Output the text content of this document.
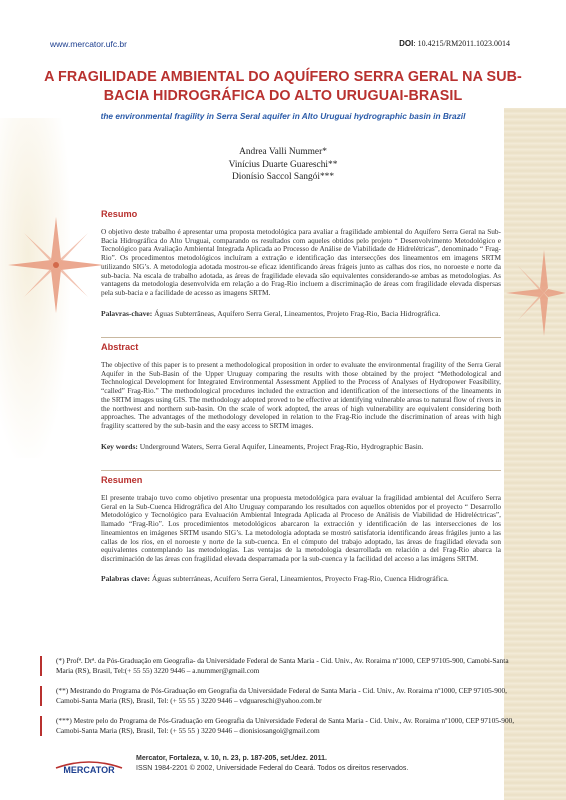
www.mercator.ufc.br	DOI: 10.4215/RM2011.1023.0014
A FRAGILIDADE AMBIENTAL DO AQUÍFERO SERRA GERAL NA SUB-BACIA HIDROGRÁFICA DO ALTO URUGUAI-BRASIL
the environmental fragility in Serra Seral aquifer in Alto Uruguai hydrographic basin in Brazil
Andrea Valli Nummer*
Vinícius Duarte Guareschi**
Dionísio Saccol Sangói***
Resumo
O objetivo deste trabalho é apresentar uma proposta metodológica para avaliar a fragilidade ambiental do Aquífero Serra Geral na Sub-Bacia Hidrográfica do Alto Uruguai, comparando os resultados com aqueles obtidos pelo projeto “ Desenvolvimento Metodológico e Tecnológico para Avaliação Ambiental Integrada Aplicada ao Processo de Análise de Viabilidade de Hidrelétricas”, denominado “ Frag-Rio”. Os procedimentos metodológicos incluíram a extração e identificação das intersecções dos lineamentos em imagens SRTM utilizando SIG’s. A metodologia adotada mostrou-se eficaz identificando áreas frágeis junto as calhas dos rios, no noroeste e norte da sub-bacia. Na escala de trabalho adotada, as áreas de fragilidade elevada são equivalentes considerando-se ambas as metodologias. As vantagens da metodologia desenvolvida em relação a do Frag-Rio incluem a discriminação de áreas com fragilidade elevada dispersas pela sub-bacia e a facilidade de acesso as imagens SRTM.
Palavras-chave: Águas Subterrâneas, Aquífero Serra Geral, Lineamentos, Projeto Frag-Rio, Bacia Hidrográfica.
Abstract
The objective of this paper is to present a methodological proposition in order to evaluate the environmental fragility of the Serra Geral Aquifer in the Sub-Basin of the Upper Uruguay comparing the results with those obtained by the project “Methodological and Technological Development for Integrated Environmental Assessment Applied to the Process of Analyses of Hydropower Feasibility, “called” Frag-Rio.” The methodological procedures included the extraction and identification of the intersections of the lineaments in the SRTM images using GIS. The methodology adopted proved to be effective at identifying vulnerable areas to natural flow of rivers in the northwest and northern sub-basin. On the scale of work adopted, the areas of high vulnerability are equivalent considering both approaches. The advantages of the methodology developed in relation to the Frag-Rio include the discrimination of areas with high fragility scattered by the sub-basin and the easy access to SRTM images.
Key words: Underground Waters, Serra Geral Aquifer, Lineaments, Project Frag-Rio, Hydrographic Basin.
Resumen
El presente trabajo tuvo como objetivo presentar una propuesta metodológica para evaluar la fragilidad ambiental del Acuífero Serra Geral en la Sub-Cuenca Hidrográfica del Alto Uruguay comparando los resultados con aquellos obtenidos por el proyecto “ Desarrollo Metodológico y Tecnológico para Evaluación Ambiental Integrada Aplicada al Proceso de Análisis de Viabilidad de Hidreléctricas”, llamado “Frag-Rio”. Los procedimientos metodológicos abarcaron la extracción y identificación de las intersecciones de los lineamientos en imágenes SRTM usando SIG’s. La metodología adoptada se mostró satisfatoria identificando áreas frágiles junto a las callas de los ríos, en el noroeste y norte de la sub-cuenca. En el cómputo del trabajo adoptado, las áreas de fragilidad elevada son equivalentes contemplando las metodologías. Las ventajas de la metodología desarrollada en relación a del Frag-Rio abarca la discriminación de las áreas con fragilidad elevada desparramada por la sub-cuenca y la facilidad del acceso a las imágens SRTM.
Palabras clave: Águas subterráneas, Acuífero Serra Geral, Lineamientos, Proyecto Frag-Rio, Cuenca Hidrográfica.
(*) Profª. Drª. da Pós-Graduação em Geografia- da Universidade Federal de Santa Maria - Cid. Univ., Av. Roraima nº1000, CEP 97105-900, Camobi-Santa Maria (RS), Brasil, Tel:(+ 55 55) 3220 9446 – a.nummer@gmail.com
(**) Mestrando do Programa de Pós-Graduação em Geografia da Universidade Federal de Santa Maria - Cid. Univ., Av. Roraima nº1000, CEP 97105-900, Camobi-Santa Maria (RS), Brasil, Tel: (+ 55 55 ) 3220 9446 – vdguareschi@yahoo.com.br
(***) Mestre pelo do Programa de Pós-Graduação em Geografia da Universidade Federal de Santa Maria - Cid. Univ., Av. Roraima nº1000, CEP 97105-900, Camobi-Santa Maria (RS), Brasil, Tel: (+ 55 55 ) 3220 9446 – dionisiosangoi@gmail.com
MERCATOR
Mercator, Fortaleza, v. 10, n. 23, p. 187-205, set./dez. 2011.
ISSN 1984-2201 © 2002, Universidade Federal do Ceará. Todos os direitos reservados.
